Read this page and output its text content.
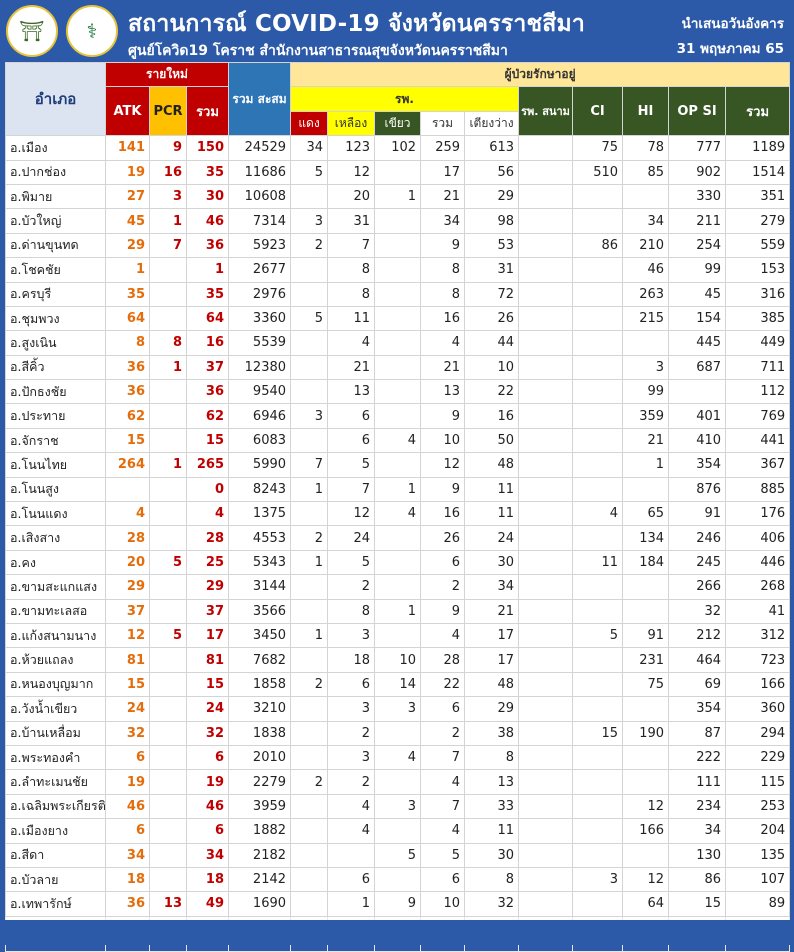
⛩	⚕	สถานการณ์ COVID-19 จังหวัดนครราชสีมา
ศูนย์โควิด19 โคราช สำนักงานสาธารณสุขจังหวัดนครราชสีมา
นำเสนอวันอังคาร
31 พฤษภาคม 65
อำเภอ	รายใหม่			รวม สะสม	ผู้ป่วยรักษาอยู่									
	ATK	PCR	รวม		รพ.					รพ. สนาม	CI	HI	OP SI	รวม
					แดง	เหลือง	เขียว	รวม	เตียงว่าง					
อ.เมือง	141	9	150	24529	34	123	102	259	613		75	78	777	1189
อ.ปากช่อง	19	16	35	11686	5	12		17	56		510	85	902	1514
อ.พิมาย	27	3	30	10608		20	1	21	29				330	351
อ.บัวใหญ่	45	1	46	7314	3	31		34	98			34	211	279
อ.ด่านขุนทด	29	7	36	5923	2	7		9	53		86	210	254	559
อ.โชคชัย	1		1	2677		8		8	31			46	99	153
อ.ครบุรี	35		35	2976		8		8	72			263	45	316
อ.ชุมพวง	64		64	3360	5	11		16	26			215	154	385
อ.สูงเนิน	8	8	16	5539		4		4	44				445	449
อ.สีคิ้ว	36	1	37	12380		21		21	10			3	687	711
อ.ปักธงชัย	36		36	9540		13		13	22			99		112
อ.ประทาย	62		62	6946	3	6		9	16			359	401	769
อ.จักราช	15		15	6083		6	4	10	50			21	410	441
อ.โนนไทย	264	1	265	5990	7	5		12	48			1	354	367
อ.โนนสูง			0	8243	1	7	1	9	11				876	885
อ.โนนแดง	4		4	1375		12	4	16	11		4	65	91	176
อ.เสิงสาง	28		28	4553	2	24		26	24			134	246	406
อ.คง	20	5	25	5343	1	5		6	30		11	184	245	446
อ.ขามสะแกแสง	29		29	3144		2		2	34				266	268
อ.ขามทะเลสอ	37		37	3566		8	1	9	21				32	41
อ.แก้งสนามนาง	12	5	17	3450	1	3		4	17		5	91	212	312
อ.ห้วยแถลง	81		81	7682		18	10	28	17			231	464	723
อ.หนองบุญมาก	15		15	1858	2	6	14	22	48			75	69	166
อ.วังน้ำเขียว	24		24	3210		3	3	6	29				354	360
อ.บ้านเหลื่อม	32		32	1838		2		2	38		15	190	87	294
อ.พระทองคำ	6		6	2010		3	4	7	8				222	229
อ.ลำทะเมนชัย	19		19	2279	2	2		4	13				111	115
อ.เฉลิมพระเกียรติ	46		46	3959		4	3	7	33			12	234	253
อ.เมืองยาง	6		6	1882		4		4	11			166	34	204
อ.สีดา	34		34	2182			5	5	30				130	135
อ.บัวลาย	18		18	2142		6		6	8		3	12	86	107
อ.เทพารักษ์	36	13	49	1690		1	9	10	32			64	15	89
